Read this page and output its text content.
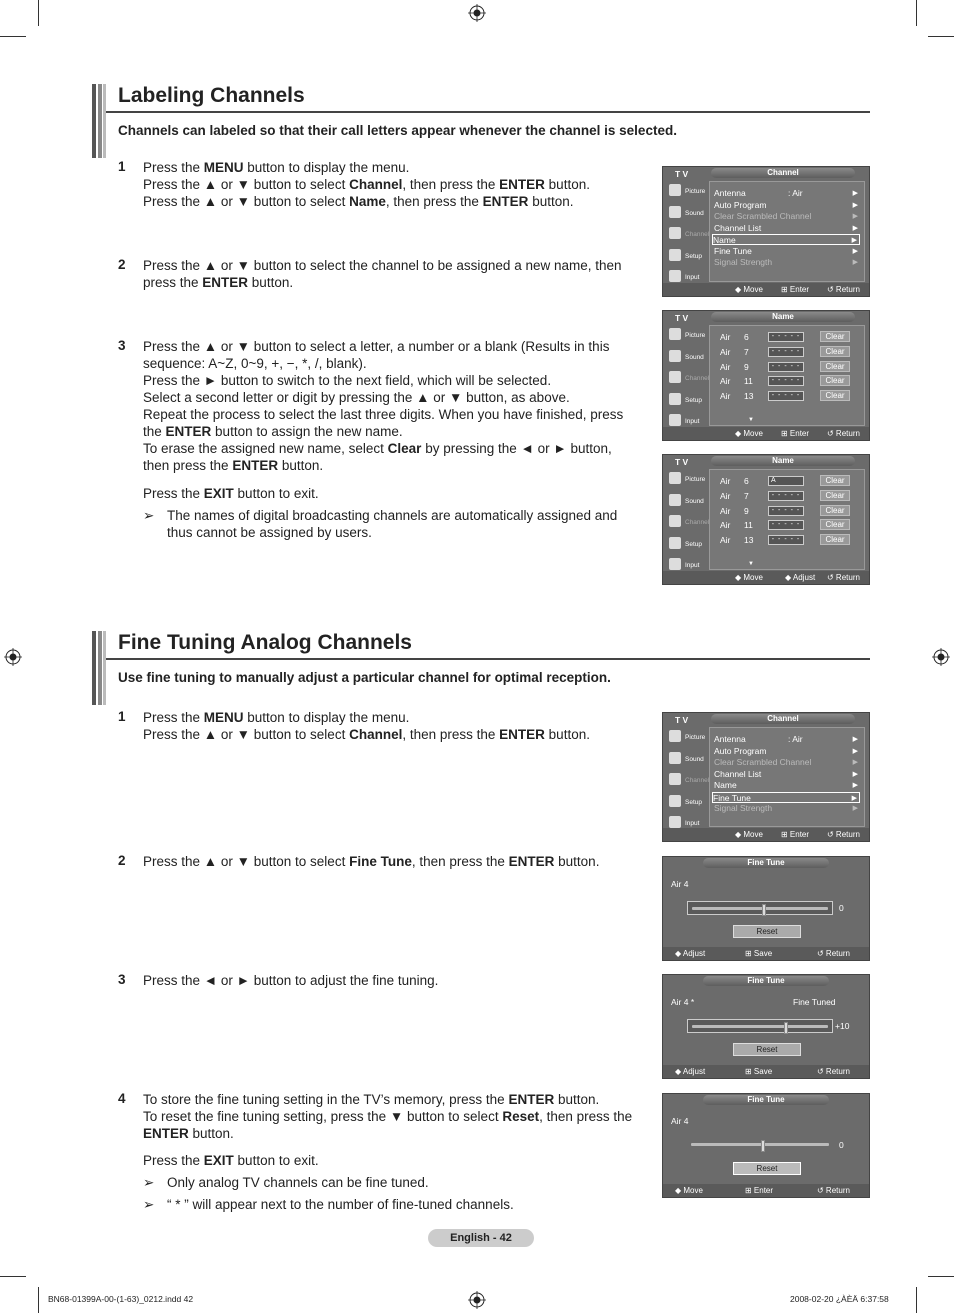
Labeling Channels
Channels can labeled so that their call letters appear whenever the channel is selected.
1 Press the MENU button to display the menu.
Press the ▲ or ▼ button to select Channel, then press the ENTER button.
Press the ▲ or ▼ button to select Name, then press the ENTER button.
2 Press the ▲ or ▼ button to select the channel to be assigned a new name, then press the ENTER button.
3 Press the ▲ or ▼ button to select a letter, a number or a blank (Results in this sequence: A~Z, 0~9, +, −, *, /, blank).
Press the ► button to switch to the next field, which will be selected.
Select a second letter or digit by pressing the ▲ or ▼ button, as above.
Repeat the process to select the last three digits. When you have finished, press the ENTER button to assign the new name.
To erase the assigned new name, select Clear by pressing the ◄ or ► button, then press the ENTER button.
Press the EXIT button to exit.
➢ The names of digital broadcasting channels are automatically assigned and thus cannot be assigned by users.
T V	Channel
Picture
Sound
Channel
Setup
Input
Antenna	: Air	▶
Auto Program	▶
Clear Scrambled Channel	▶
Channel List	▶
Name	▶
Fine Tune	▶
Signal Strength	▶
◆ Move ⊞ Enter ↺ Return
T V	Name
Picture
Sound
Channel
Setup
Input
Air 6	- - - - -	Clear
Air 7	- - - - -	Clear
Air 9	- - - - -	Clear
Air 11	- - - - -	Clear
Air 13	- - - - -	Clear
▼
◆ Move ⊞ Enter ↺ Return
T V	Name
Picture
Sound
Channel
Setup
Input
Air 6	A	Clear
Air 7	- - - - -	Clear
Air 9	- - - - -	Clear
Air 11	- - - - -	Clear
Air 13	- - - - -	Clear
▼
◆ Move	◆ Adjust ↺ Return
Fine Tuning Analog Channels
Use fine tuning to manually adjust a particular channel for optimal reception.
1 Press the MENU button to display the menu.
Press the ▲ or ▼ button to select Channel, then press the ENTER button.
2 Press the ▲ or ▼ button to select Fine Tune, then press the ENTER button.
3 Press the ◄ or ► button to adjust the fine tuning.
4 To store the fine tuning setting in the TV’s memory, press the ENTER button.
To reset the fine tuning setting, press the ▼ button to select Reset, then press the ENTER button.
Press the EXIT button to exit.
➢ Only analog TV channels can be fine tuned.
➢ “ * ” will appear next to the number of fine-tuned channels.
T V	Channel
Picture
Sound
Channel
Setup
Input
Antenna	: Air	▶
Auto Program	▶
Clear Scrambled Channel	▶
Channel List	▶
Name	▶
Fine Tune	▶
Signal Strength	▶
◆ Move ⊞ Enter ↺ Return
Fine Tune
Air 4
0
Reset
◆ Adjust	⊞ Save	↺ Return
Fine Tune
Air 4 *	Fine Tuned
+10
Reset
◆ Adjust	⊞ Save	↺ Return
Fine Tune
Air 4
0
Reset
◆ Move	⊞ Enter	↺ Return
English - 42
BN68-01399A-00-(1-63)_0212.indd 42	2008-02-20 ¿ÀÈÄ 6:37:58
